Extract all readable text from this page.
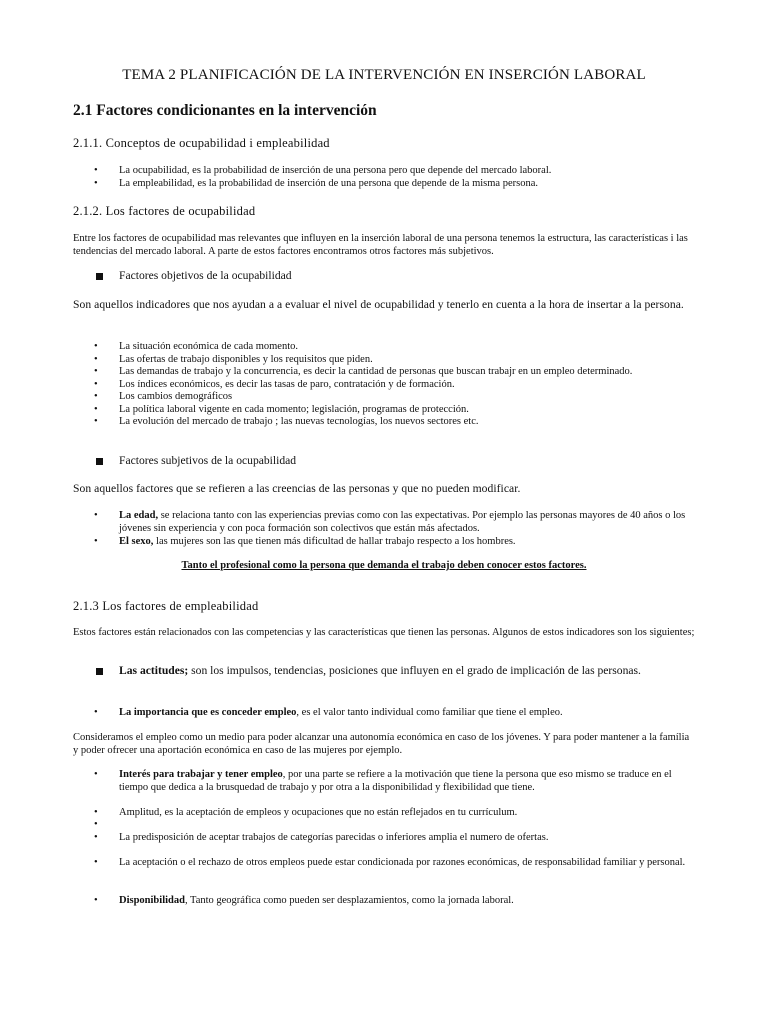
TEMA 2 PLANIFICACIÓN DE LA INTERVENCIÓN EN INSERCIÓN LABORAL
2.1 Factores condicionantes en la intervención
2.1.1. Conceptos de ocupabilidad i empleabilidad
• La ocupabilidad, es la probabilidad de inserción de una persona pero que depende del mercado laboral.
• La empleabilidad, es la probabilidad de inserción de una persona que depende de la misma persona.
2.1.2. Los factores de ocupabilidad
Entre los factores de ocupabilidad mas relevantes que influyen en la inserción laboral de una persona tenemos la estructura, las características i las tendencias del mercado laboral. A parte de estos factores encontramos otros factores más subjetivos.
Factores objetivos de la ocupabilidad
Son aquellos indicadores que nos ayudan a a evaluar el nivel de ocupabilidad y tenerlo en cuenta a la hora de insertar a la persona.
• La situación económica de cada momento.
• Las ofertas de trabajo disponibles y los requisitos que piden.
• Las demandas de trabajo y la concurrencia, es decir la cantidad de personas que buscan trabajr en un empleo determinado.
• Los índices económicos, es decir las tasas de paro, contratación y de formación.
• Los cambios demográficos
• La política laboral vigente en cada momento; legislación, programas de protección.
• La evolución del mercado de trabajo ; las nuevas tecnologías, los nuevos sectores etc.
Factores subjetivos de la ocupabilidad
Son aquellos factores que se refieren a las creencias de las personas y que no pueden modificar.
• La edad, se relaciona tanto con las experiencias previas como con las expectativas. Por ejemplo las personas mayores de 40 años o los jóvenes sin experiencia y con poca formación son colectivos que están más afectados.
• El sexo, las mujeres son las que tienen más dificultad de hallar trabajo respecto a los hombres.
Tanto el profesional como la persona que demanda el trabajo deben conocer estos factores.
2.1.3 Los factores de empleabilidad
Estos factores están relacionados con las competencias y las características que tienen las personas. Algunos de estos indicadores son los siguientes;
Las actitudes; son los impulsos, tendencias, posiciones que influyen en el grado de implicación de las personas.
• La importancia que es conceder empleo, es el valor tanto individual como familiar que tiene el empleo.
Consideramos el empleo como un medio para poder alcanzar una autonomía económica en caso de los jóvenes. Y para poder mantener a la família y poder ofrecer una aportación económica en caso de las mujeres por ejemplo.
• Interés para trabajar y tener empleo, por una parte se refiere a la motivación que tiene la persona que eso mismo se traduce en el tiempo que dedica a la brusquedad de trabajo y por otra a la disponibilidad y flexibilidad que tiene.
• Amplitud, es la aceptación de empleos y ocupaciones que no están reflejados en tu currículum.
•
• La predisposición de aceptar trabajos de categorías parecidas o inferiores amplia el numero de ofertas.
• La aceptación o el rechazo de otros empleos puede estar condicionada por razones económicas, de responsabilidad familiar y personal.
• Disponibilidad, Tanto geográfica como pueden ser desplazamientos, como la jornada laboral.
